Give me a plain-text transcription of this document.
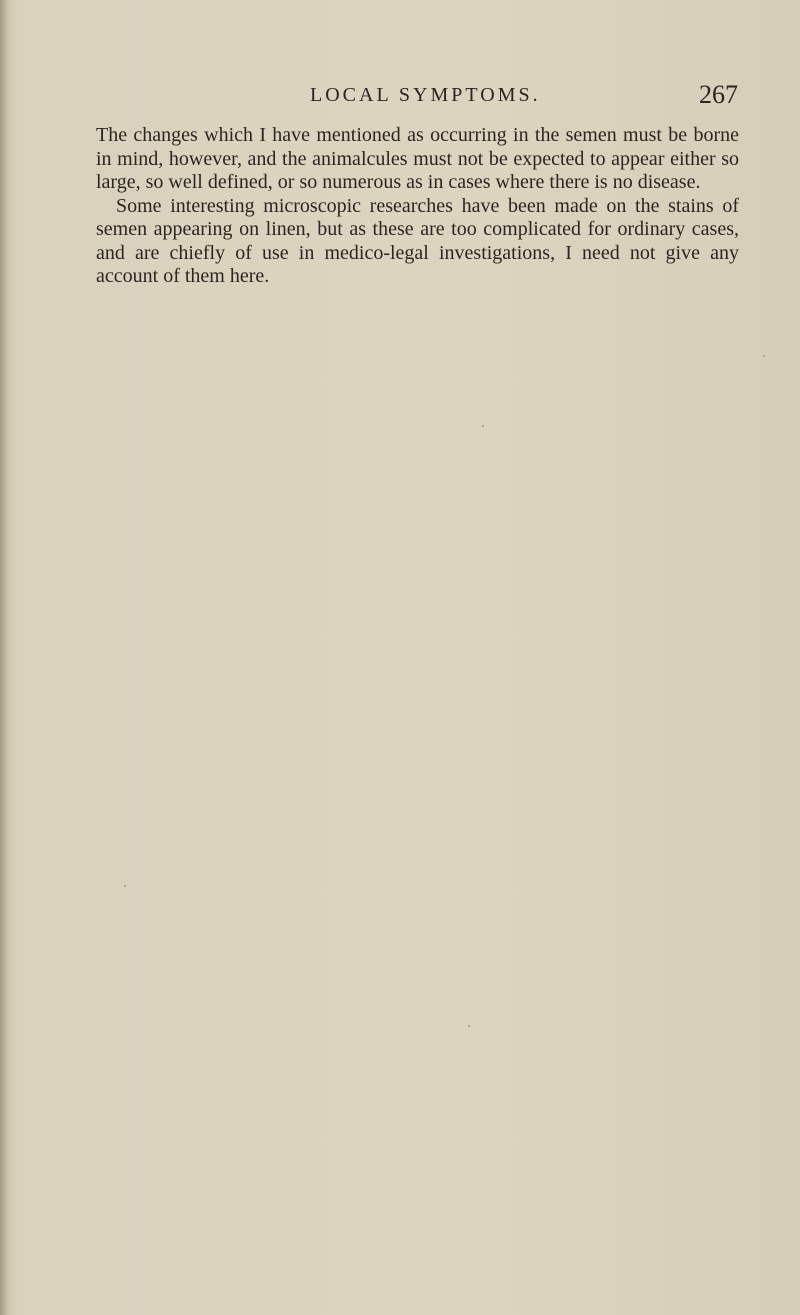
LOCAL SYMPTOMS.	267

The changes which I have mentioned as occurring in the semen must be borne in mind, however, and the animalcules must not be expected to appear either so large, so well defined, or so numerous as in cases where there is no disease.

Some interesting microscopic researches have been made on the stains of semen appearing on linen, but as these are too complicated for ordinary cases, and are chiefly of use in medico-legal investigations, I need not give any account of them here.
